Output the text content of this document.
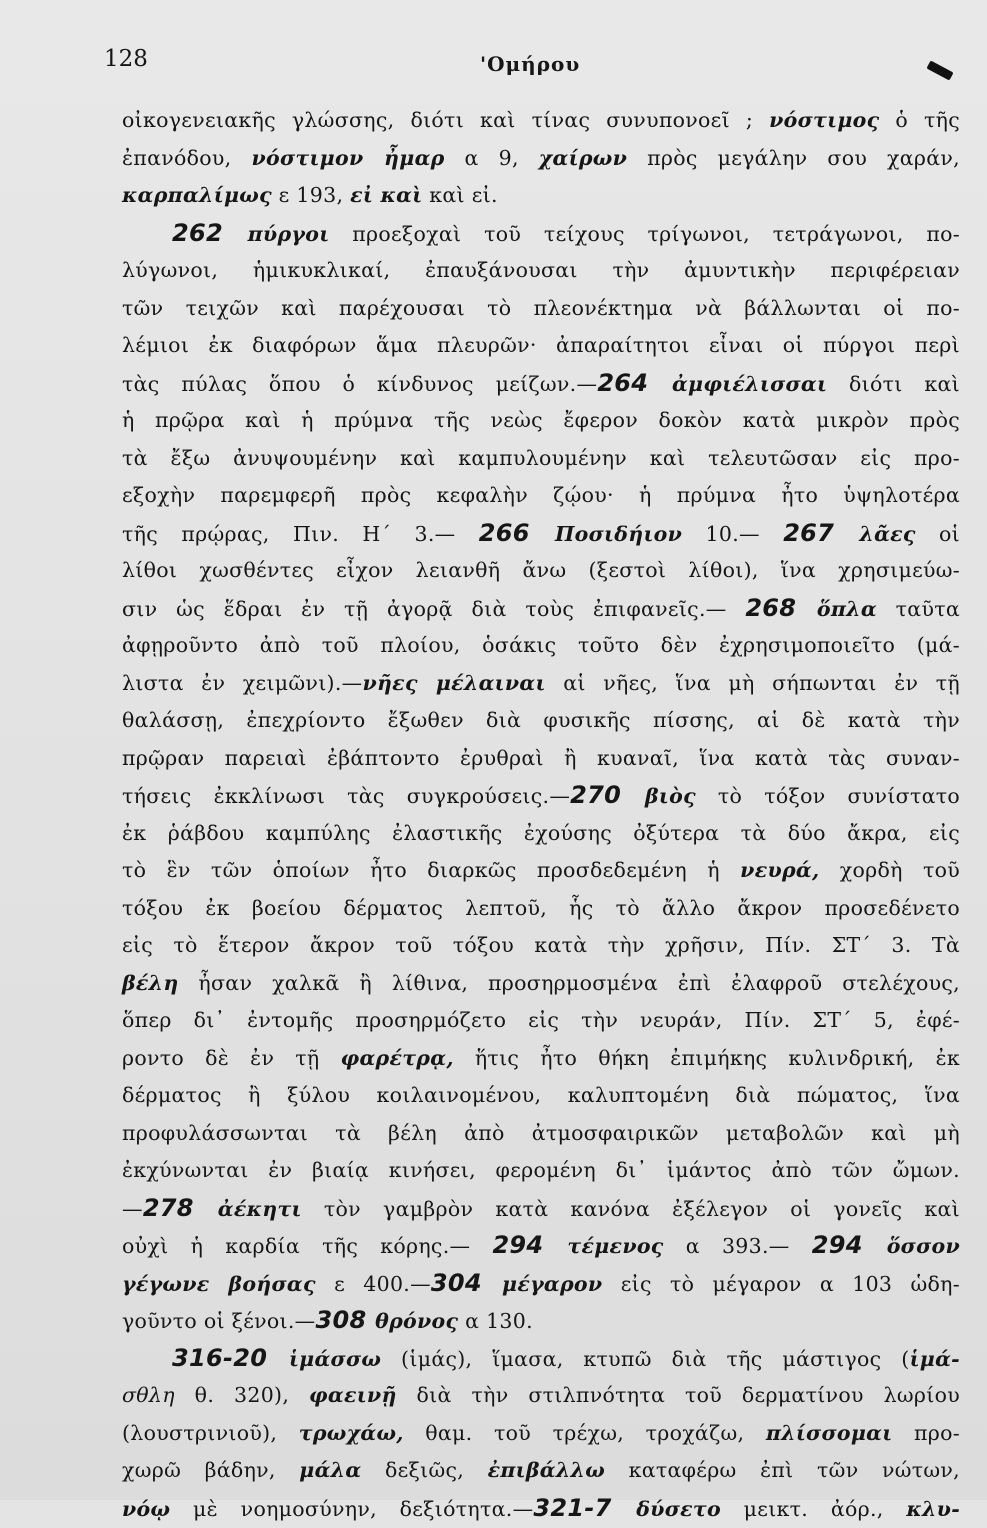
128	'Ομήρου
οἰκογενειακῆς γλώσσης, διότι καὶ τίνας συνυπονοεῖ ; νόστιμος ὁ τῆς
ἐπανόδου, νόστιμον ἦμαρ α 9, χαίρων πρὸς μεγάλην σου χαράν,
καρπαλίμως ε 193, εἰ καὶ καὶ εἰ.
262 πύργοι προεξοχαὶ τοῦ τείχους τρίγωνοι, τετράγωνοι, πο-
λύγωνοι, ἡμικυκλικαί, ἐπαυξάνουσαι τὴν ἀμυντικὴν περιφέρειαν
τῶν τειχῶν καὶ παρέχουσαι τὸ πλεονέκτημα νὰ βάλλωνται οἱ πο-
λέμιοι ἐκ διαφόρων ἅμα πλευρῶν· ἀπαραίτητοι εἶναι οἱ πύργοι περὶ
τὰς πύλας ὅπου ὁ κίνδυνος μείζων.—264 ἀμφιέλισσαι διότι καὶ
ἡ πρῷρα καὶ ἡ πρύμνα τῆς νεὼς ἔφερον δοκὸν κατὰ μικρὸν πρὸς
τὰ ἔξω ἀνυψουμένην καὶ καμπυλουμένην καὶ τελευτῶσαν εἰς προ-
εξοχὴν παρεμφερῆ πρὸς κεφαλὴν ζῴου· ἡ πρύμνα ἦτο ὑψηλοτέρα
τῆς πρῴρας, Πιν. Η΄ 3.— 266 Ποσιδήιον 10.— 267 λᾶες οἱ
λίθοι χωσθέντες εἶχον λειανθῆ ἄνω (ξεστοὶ λίθοι), ἵνα χρησιμεύω-
σιν ὡς ἕδραι ἐν τῇ ἀγορᾷ διὰ τοὺς ἐπιφανεῖς.— 268 ὅπλα ταῦτα
ἀφῃροῦντο ἀπὸ τοῦ πλοίου, ὁσάκις τοῦτο δὲν ἐχρησιμοποιεῖτο (μά-
λιστα ἐν χειμῶνι).—νῆες μέλαιναι αἱ νῆες, ἵνα μὴ σήπωνται ἐν τῇ
θαλάσσῃ, ἐπεχρίοντο ἔξωθεν διὰ φυσικῆς πίσσης, αἱ δὲ κατὰ τὴν
πρῷραν παρειαὶ ἐβάπτοντο ἐρυθραὶ ἢ κυαναῖ, ἵνα κατὰ τὰς συναν-
τήσεις ἐκκλίνωσι τὰς συγκρούσεις.—270 βιὸς τὸ τόξον συνίστατο
ἐκ ῥάβδου καμπύλης ἐλαστικῆς ἐχούσης ὀξύτερα τὰ δύο ἄκρα, εἰς
τὸ ἓν τῶν ὁποίων ἦτο διαρκῶς προσδεδεμένη ἡ νευρά, χορδὴ τοῦ
τόξου ἐκ βοείου δέρματος λεπτοῦ, ἧς τὸ ἄλλο ἄκρον προσεδένετο
εἰς τὸ ἕτερον ἄκρον τοῦ τόξου κατὰ τὴν χρῆσιν, Πίν. ΣΤ΄ 3. Τὰ
βέλη ἦσαν χαλκᾶ ἢ λίθινα, προσηρμοσμένα ἐπὶ ἐλαφροῦ στελέχους,
ὅπερ δι᾽ ἐντομῆς προσηρμόζετο εἰς τὴν νευράν, Πίν. ΣΤ΄ 5, ἐφέ-
ροντο δὲ ἐν τῇ φαρέτρᾳ, ἥτις ἦτο θήκη ἐπιμήκης κυλινδρική, ἐκ
δέρματος ἢ ξύλου κοιλαινομένου, καλυπτομένη διὰ πώματος, ἵνα
προφυλάσσωνται τὰ βέλη ἀπὸ ἀτμοσφαιρικῶν μεταβολῶν καὶ μὴ
ἐκχύνωνται ἐν βιαίᾳ κινήσει, φερομένη δι᾽ ἱμάντος ἀπὸ τῶν ὤμων.
—278 ἀέκητι τὸν γαμβρὸν κατὰ κανόνα ἐξέλεγον οἱ γονεῖς καὶ
οὐχὶ ἡ καρδία τῆς κόρης.— 294 τέμενος α 393.— 294 ὅσσον
γέγωνε βοήσας ε 400.—304 μέγαρον εἰς τὸ μέγαρον α 103 ὡδη-
γοῦντο οἱ ξένοι.—308 θρόνος α 130.
316-20 ἱμάσσω (ἱμάς), ἵμασα, κτυπῶ διὰ τῆς μάστιγος (ἱμά-
σθλη θ. 320), φαεινῇ διὰ τὴν στιλπνότητα τοῦ δερματίνου λωρίου
(λουστρινιοῦ), τρωχάω, θαμ. τοῦ τρέχω, τροχάζω, πλίσσομαι προ-
χωρῶ βάδην, μάλα δεξιῶς, ἐπιβάλλω καταφέρω ἐπὶ τῶν νώτων,
νόῳ μὲ νοημοσύνην, δεξιότητα.—321-7 δύσετο μεικτ. ἀόρ., κλυ-
